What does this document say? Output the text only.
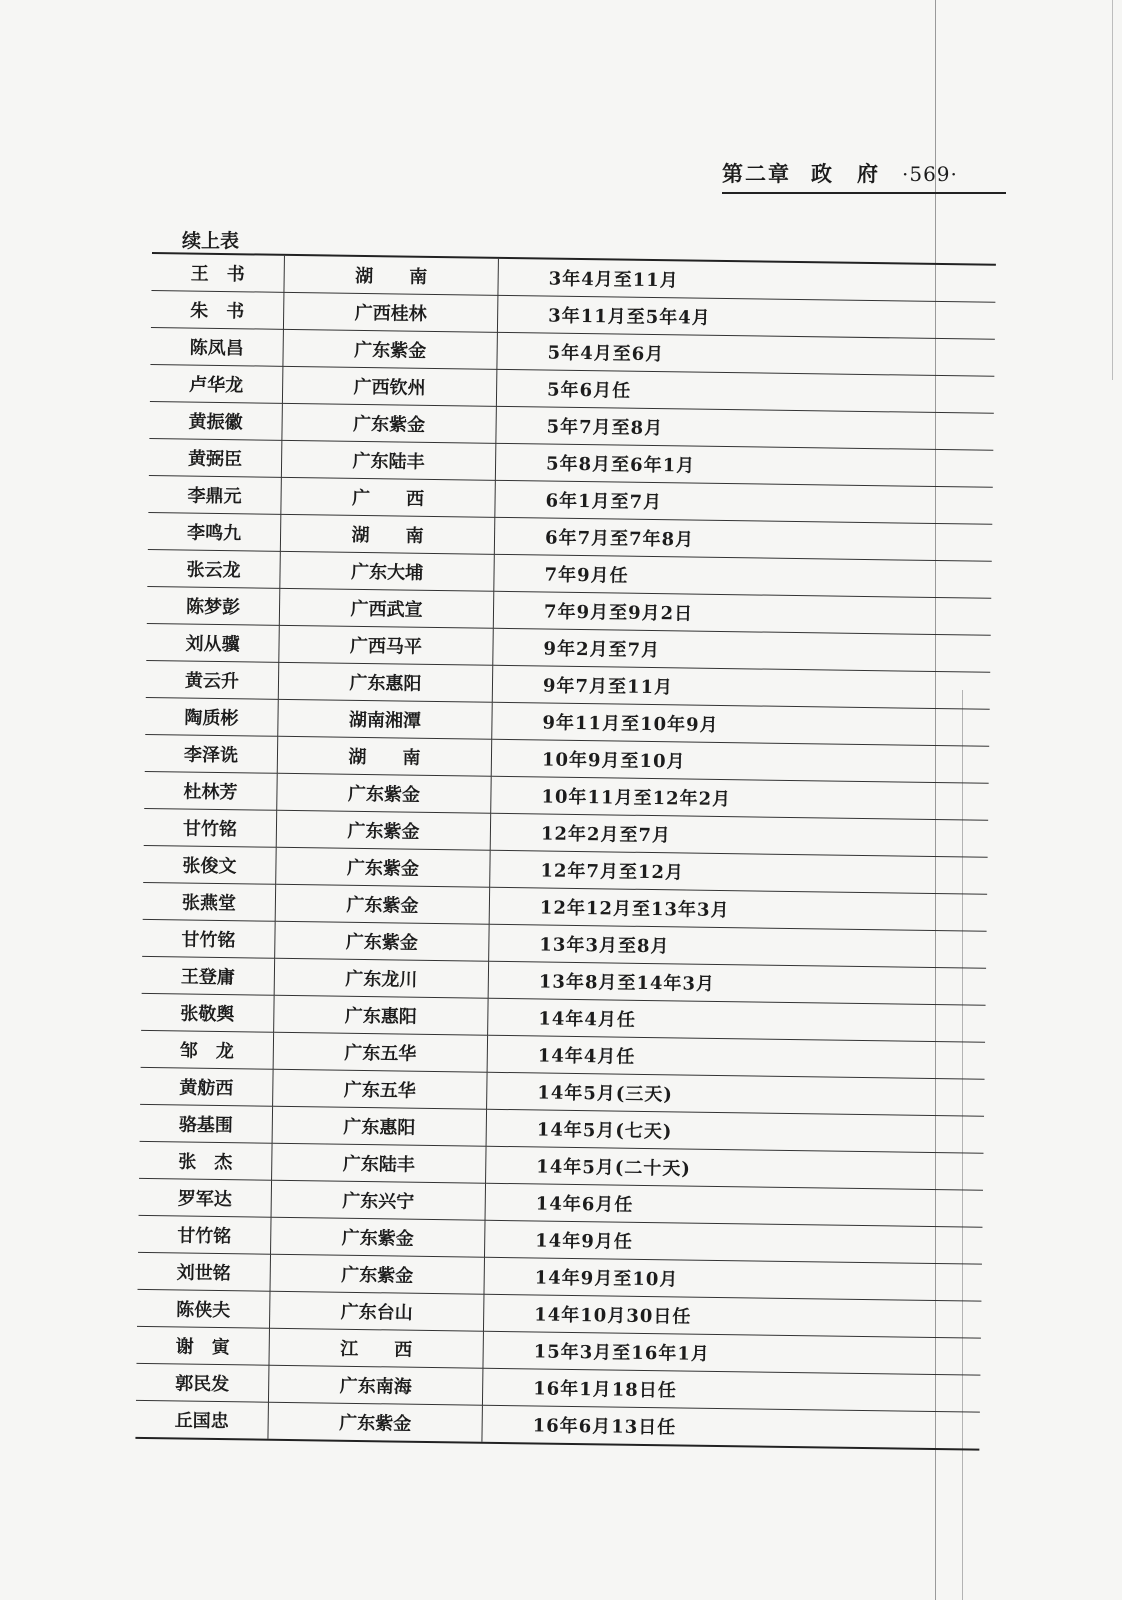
第二章 政　府 ·569·
续上表
王　书	湖　　南	3年4月至11月
朱　书	广西桂林	3年11月至5年4月
陈凤昌	广东紫金	5年4月至6月
卢华龙	广西钦州	5年6月任
黄振徽	广东紫金	5年7月至8月
黄弼臣	广东陆丰	5年8月至6年1月
李鼎元	广　　西	6年1月至7月
李鸣九	湖　　南	6年7月至7年8月
张云龙	广东大埔	7年9月任
陈梦彭	广西武宣	7年9月至9月2日
刘从骥	广西马平	9年2月至7月
黄云升	广东惠阳	9年7月至11月
陶质彬	湖南湘潭	9年11月至10年9月
李泽诜	湖　　南	10年9月至10月
杜林芳	广东紫金	10年11月至12年2月
甘竹铭	广东紫金	12年2月至7月
张俊文	广东紫金	12年7月至12月
张燕堂	广东紫金	12年12月至13年3月
甘竹铭	广东紫金	13年3月至8月
王登庸	广东龙川	13年8月至14年3月
张敬舆	广东惠阳	14年4月任
邹　龙	广东五华	14年4月任
黄舫西	广东五华	14年5月(三天)
骆基围	广东惠阳	14年5月(七天)
张　杰	广东陆丰	14年5月(二十天)
罗军达	广东兴宁	14年6月任
甘竹铭	广东紫金	14年9月任
刘世铭	广东紫金	14年9月至10月
陈侠夫	广东台山	14年10月30日任
谢　寅	江　　西	15年3月至16年1月
郭民发	广东南海	16年1月18日任
丘国忠	广东紫金	16年6月13日任
